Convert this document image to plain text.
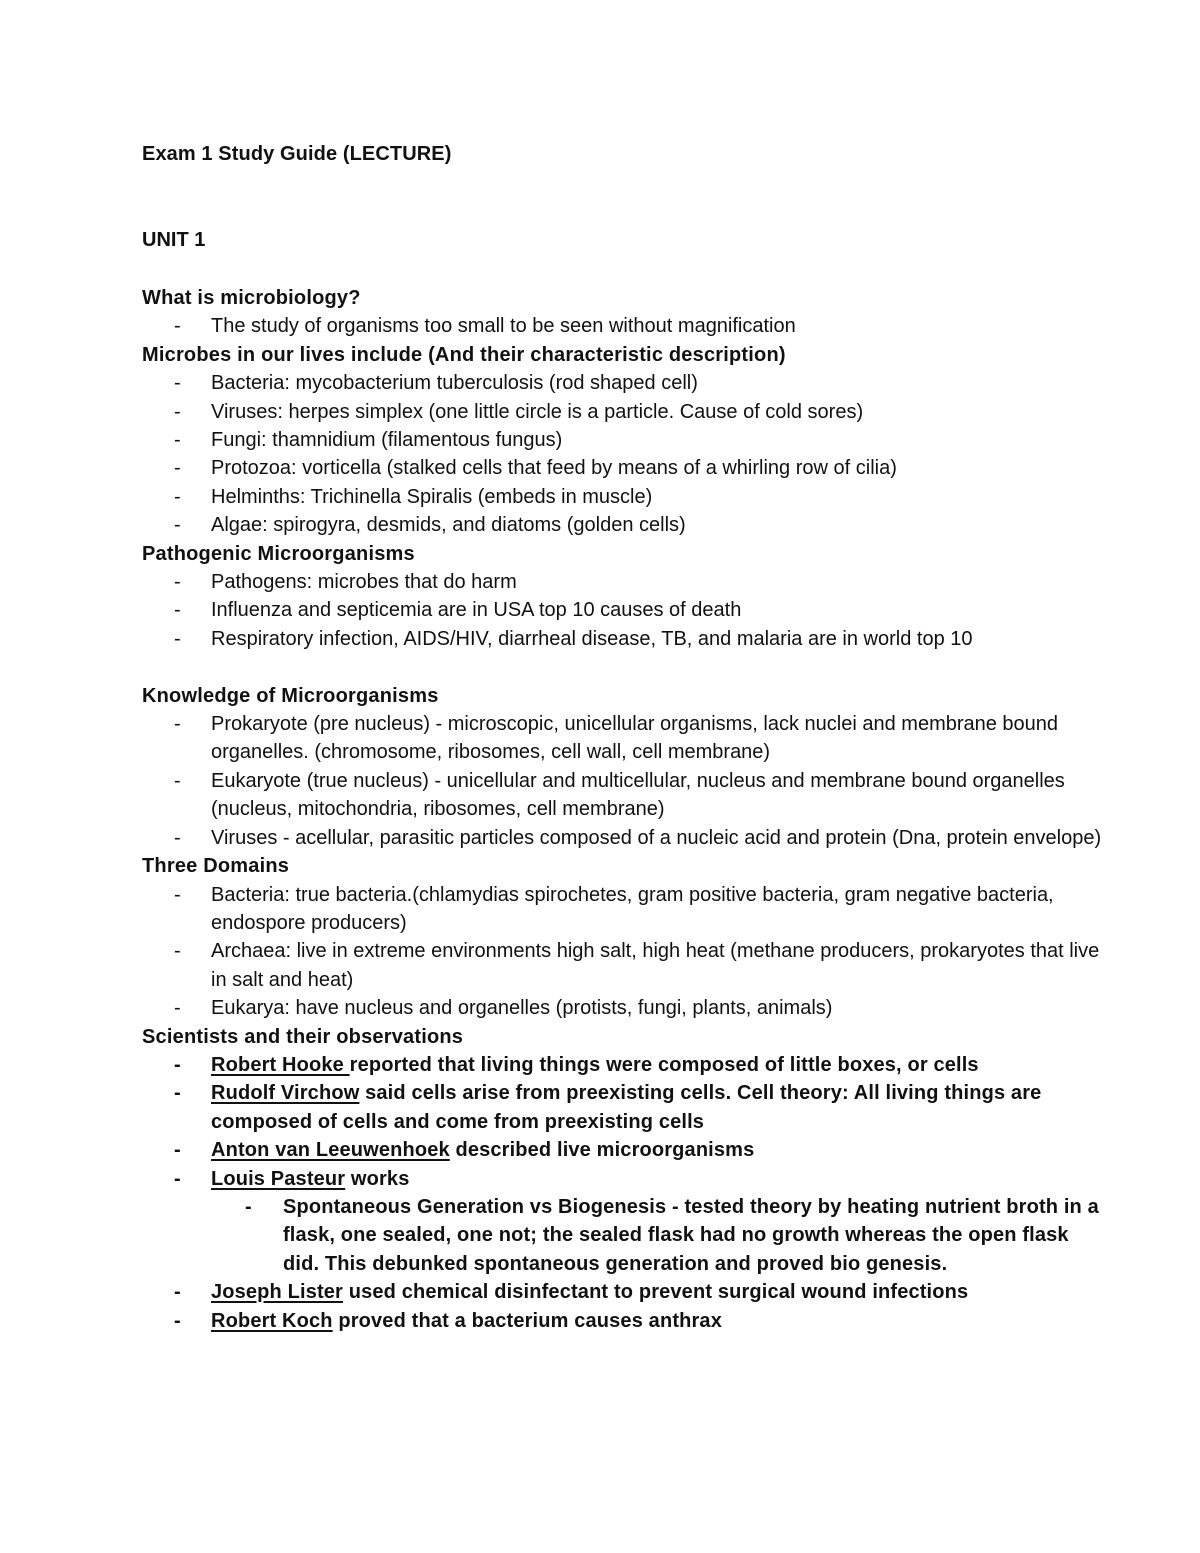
Exam 1 Study Guide (LECTURE)

UNIT 1

What is microbiology?

- The study of organisms too small to be seen without magnification

Microbes in our lives include (And their characteristic description)

- Bacteria: mycobacterium tuberculosis (rod shaped cell)
- Viruses: herpes simplex (one little circle is a particle. Cause of cold sores)
- Fungi: thamnidium (filamentous fungus)
- Protozoa: vorticella (stalked cells that feed by means of a whirling row of cilia)
- Helminths: Trichinella Spiralis (embeds in muscle)
- Algae: spirogyra, desmids, and diatoms (golden cells)

Pathogenic Microorganisms

- Pathogens: microbes that do harm
- Influenza and septicemia are in USA top 10 causes of death
- Respiratory infection, AIDS/HIV, diarrheal disease, TB, and malaria are in world top 10

Knowledge of Microorganisms

- Prokaryote (pre nucleus) - microscopic, unicellular organisms, lack nuclei and membrane bound organelles. (chromosome, ribosomes, cell wall, cell membrane)
- Eukaryote (true nucleus) - unicellular and multicellular, nucleus and membrane bound organelles (nucleus, mitochondria, ribosomes, cell membrane)
- Viruses - acellular, parasitic particles composed of a nucleic acid and protein (Dna, protein envelope)

Three Domains

- Bacteria: true bacteria.(chlamydias spirochetes, gram positive bacteria, gram negative bacteria, endospore producers)
- Archaea: live in extreme environments high salt, high heat (methane producers, prokaryotes that live in salt and heat)
- Eukarya: have nucleus and organelles (protists, fungi, plants, animals)

Scientists and their observations

- Robert Hooke reported that living things were composed of little boxes, or cells
- Rudolf Virchow said cells arise from preexisting cells. Cell theory: All living things are composed of cells and come from preexisting cells
- Anton van Leeuwenhoek described live microorganisms
- Louis Pasteur works
- Spontaneous Generation vs Biogenesis - tested theory by heating nutrient broth in a flask, one sealed, one not; the sealed flask had no growth whereas the open flask did. This debunked spontaneous generation and proved bio genesis.
- Joseph Lister used chemical disinfectant to prevent surgical wound infections
- Robert Koch proved that a bacterium causes anthrax
